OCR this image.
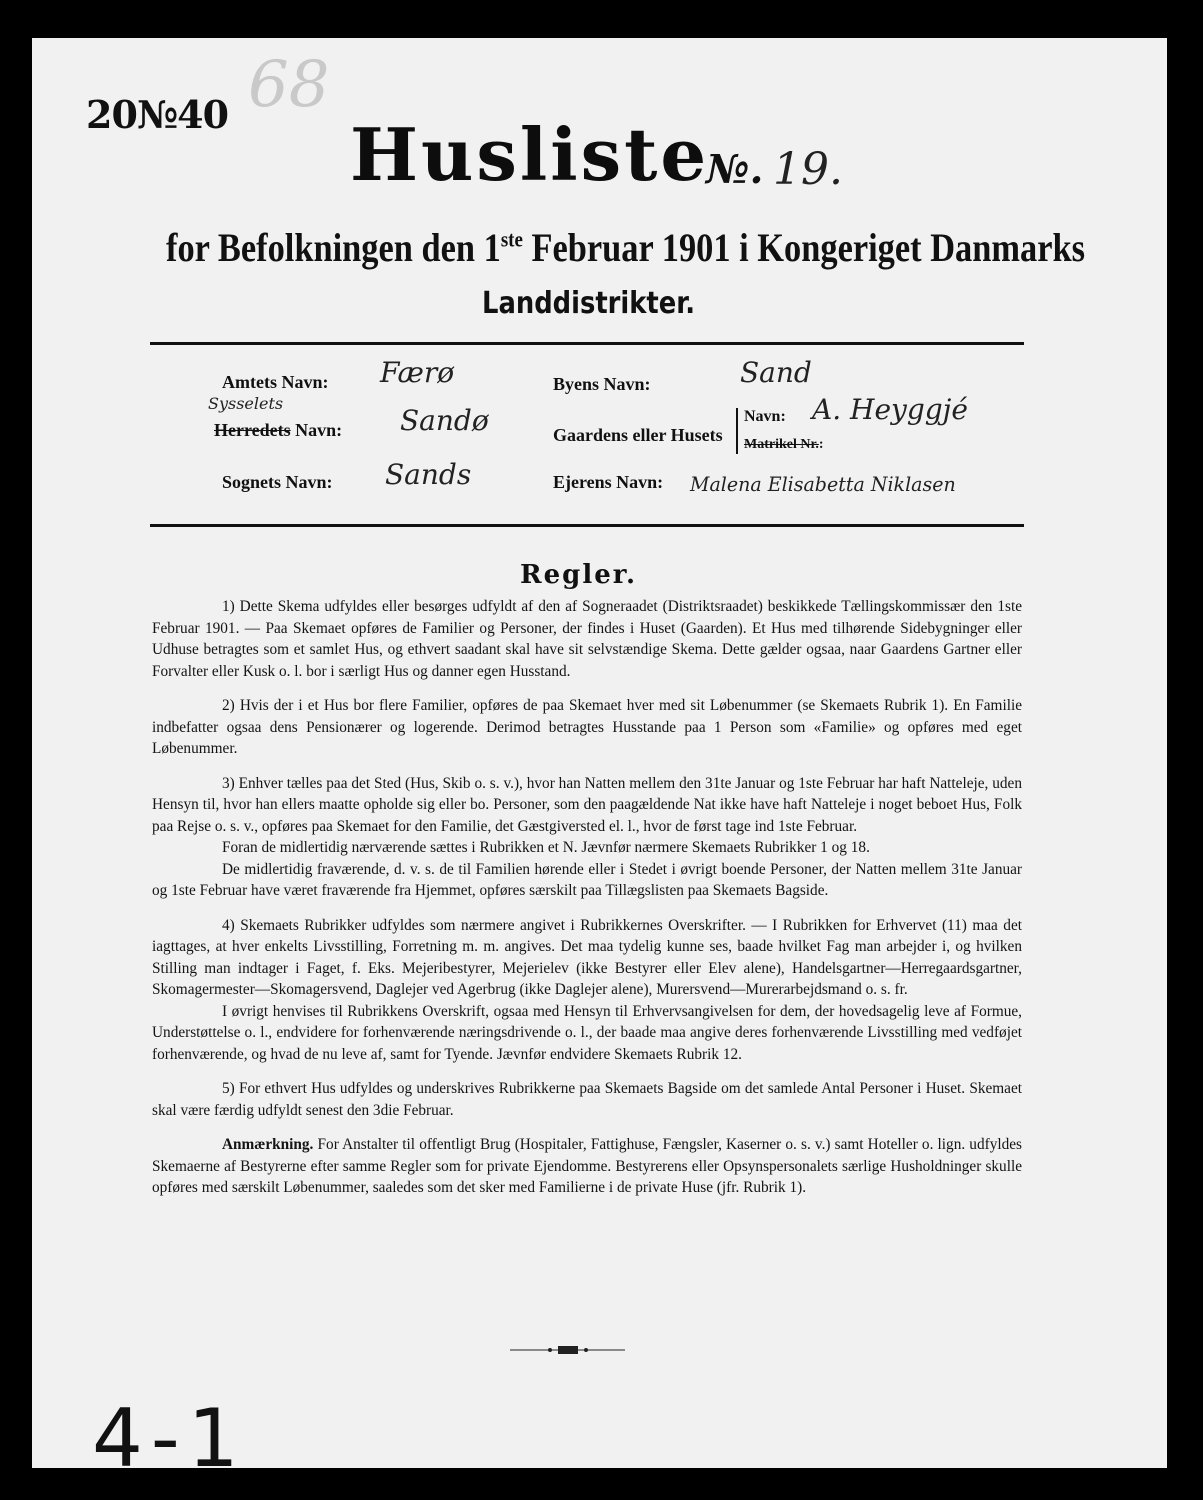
20№40 68
Husliste
№. 19.
for Befolkningen den 1ste Februar 1901 i Kongeriget Danmarks
Landdistrikter.
Amtets Navn: Færø
Sysselets
Herredets Navn: Sandø
Sognets Navn: Sands
Byens Navn:	Sand
Gaardens eller Husets
Navn: A. Heyggjé
Matrikel Nr.:
Ejerens Navn: Malena Elisabetta Niklasen
Regler.

1) Dette Skema udfyldes eller besørges udfyldt af den af Sogneraadet (Distriktsraadet) beskikkede Tællingskommissær den 1ste Februar 1901. — Paa Skemaet opføres de Familier og Personer, der findes i Huset (Gaarden). Et Hus med tilhørende Sidebygninger eller Udhuse betragtes som et samlet Hus, og ethvert saadant skal have sit selvstændige Skema. Dette gælder ogsaa, naar Gaardens Gartner eller Forvalter eller Kusk o. l. bor i særligt Hus og danner egen Husstand.

2) Hvis der i et Hus bor flere Familier, opføres de paa Skemaet hver med sit Løbenummer (se Skemaets Rubrik 1). En Familie indbefatter ogsaa dens Pensionærer og logerende. Derimod betragtes Husstande paa 1 Person som «Familie» og opføres med eget Løbenummer.

3) Enhver tælles paa det Sted (Hus, Skib o. s. v.), hvor han Natten mellem den 31te Januar og 1ste Februar har haft Natteleje, uden Hensyn til, hvor han ellers maatte opholde sig eller bo. Personer, som den paagældende Nat ikke have haft Natteleje i noget beboet Hus, Folk paa Rejse o. s. v., opføres paa Skemaet for den Familie, det Gæstgiversted el. l., hvor de først tage ind 1ste Februar.

Foran de midlertidig nærværende sættes i Rubrikken et N. Jævnfør nærmere Skemaets Rubrikker 1 og 18.

De midlertidig fraværende, d. v. s. de til Familien hørende eller i Stedet i øvrigt boende Personer, der Natten mellem 31te Januar og 1ste Februar have været fraværende fra Hjemmet, opføres særskilt paa Tillægslisten paa Skemaets Bagside.

4) Skemaets Rubrikker udfyldes som nærmere angivet i Rubrikkernes Overskrifter. — I Rubrikken for Erhvervet (11) maa det iagttages, at hver enkelts Livsstilling, Forretning m. m. angives. Det maa tydelig kunne ses, baade hvilket Fag man arbejder i, og hvilken Stilling man indtager i Faget, f. Eks. Mejeribestyrer, Mejerielev (ikke Bestyrer eller Elev alene), Handelsgartner—Herregaardsgartner, Skomagermester—Skomagersvend, Daglejer ved Agerbrug (ikke Daglejer alene), Murersvend—Murerarbejdsmand o. s. fr.

I øvrigt henvises til Rubrikkens Overskrift, ogsaa med Hensyn til Erhvervsangivelsen for dem, der hovedsagelig leve af Formue, Understøttelse o. l., endvidere for forhenværende næringsdrivende o. l., der baade maa angive deres forhenværende Livsstilling med vedføjet forhenværende, og hvad de nu leve af, samt for Tyende. Jævnfør endvidere Skemaets Rubrik 12.

5) For ethvert Hus udfyldes og underskrives Rubrikkerne paa Skemaets Bagside om det samlede Antal Personer i Huset. Skemaet skal være færdig udfyldt senest den 3die Februar.

Anmærkning. For Anstalter til offentligt Brug (Hospitaler, Fattighuse, Fængsler, Kaserner o. s. v.) samt Hoteller o. lign. udfyldes Skemaerne af Bestyrerne efter samme Regler som for private Ejendomme. Bestyrerens eller Opsynspersonalets særlige Husholdninger skulle opføres med særskilt Løbenummer, saaledes som det sker med Familierne i de private Huse (jfr. Rubrik 1).

4-1
